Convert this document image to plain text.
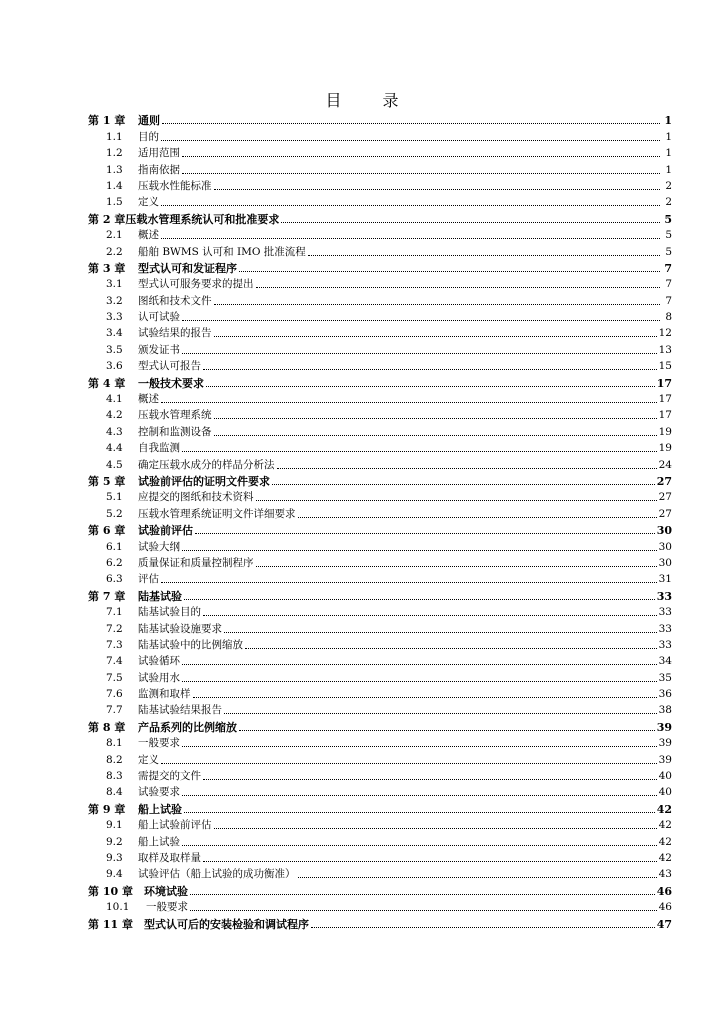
目 录
第 1 章	通则	1
1.1	目的	1
1.2	适用范围	1
1.3	指南依据	1
1.4	压载水性能标准	2
1.5	定义	2
第 2 章 压载水管理系统认可和批准要求	5
2.1	概述	5
2.2	船舶 BWMS 认可和 IMO 批准流程	5
第 3 章	型式认可和发证程序	7
3.1	型式认可服务要求的提出	7
3.2	图纸和技术文件	7
3.3	认可试验	8
3.4	试验结果的报告	12
3.5	颁发证书	13
3.6	型式认可报告	15
第 4 章	一般技术要求	17
4.1	概述	17
4.2	压载水管理系统	17
4.3	控制和监测设备	19
4.4	自我监测	19
4.5	确定压载水成分的样品分析法	24
第 5 章	试验前评估的证明文件要求	27
5.1	应提交的图纸和技术资料	27
5.2	压载水管理系统证明文件详细要求	27
第 6 章	试验前评估	30
6.1	试验大纲	30
6.2	质量保证和质量控制程序	30
6.3	评估	31
第 7 章	陆基试验	33
7.1	陆基试验目的	33
7.2	陆基试验设施要求	33
7.3	陆基试验中的比例缩放	33
7.4	试验循环	34
7.5	试验用水	35
7.6	监测和取样	36
7.7	陆基试验结果报告	38
第 8 章	产品系列的比例缩放	39
8.1	一般要求	39
8.2	定义	39
8.3	需提交的文件	40
8.4	试验要求	40
第 9 章	船上试验	42
9.1	船上试验前评估	42
9.2	船上试验	42
9.3	取样及取样量	42
9.4	试验评估（船上试验的成功衡准）	43
第 10 章	环境试验	46
10.1	一般要求	46
第 11 章	型式认可后的安装检验和调试程序	47
